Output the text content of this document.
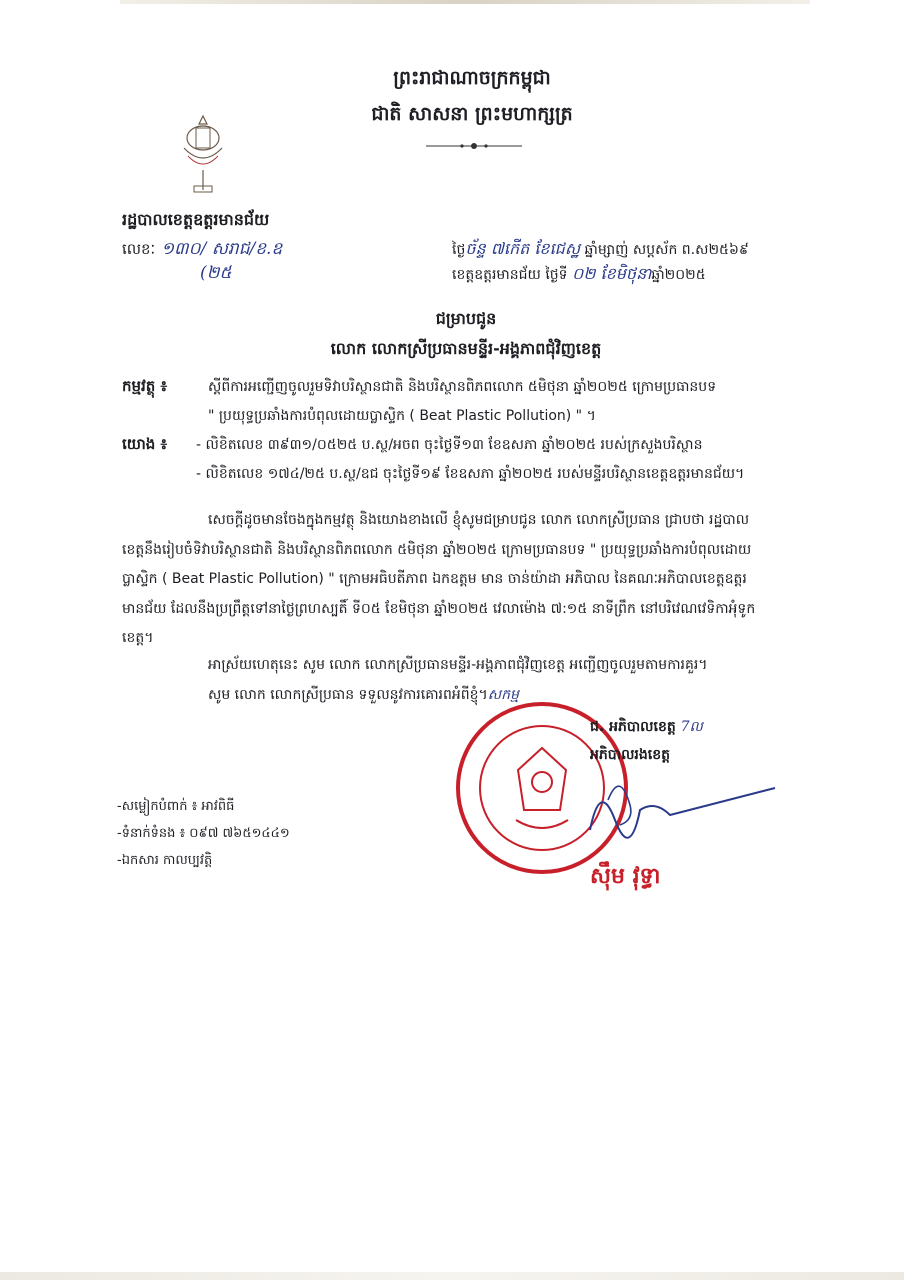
ព្រះរាជាណាចក្រកម្ពុជា
ជាតិ សាសនា ព្រះមហាក្សត្រ
រដ្ឋបាលខេត្តឧត្តរមានជ័យ
លេខៈ ១៣០/ សរាជ/ខ.ឧ
(២៥
ថ្ងៃច័ន្ទ ៧កើត ខែជេស្ឋ ឆ្នាំម្សាញ់ សប្ដស័ក ព.ស២៥៦៩
ខេត្តឧត្តរមានជ័យ ថ្ងៃទី ០២ ខែមិថុនាឆ្នាំ២០២៥
ជម្រាបជូន
លោក លោកស្រីប្រធានមន្ទីរ-អង្គភាពជុំវិញខេត្ត
កម្មវត្ថុ ៖	ស្ដីពីការអញ្ជើញចូលរួមទិវាបរិស្ថានជាតិ និងបរិស្ថានពិភពលោក ៥មិថុនា ឆ្នាំ២០២៥ ក្រោមប្រធានបទ
" ប្រយុទ្ធប្រឆាំងការបំពុលដោយប្លាស្ទិក ( Beat Plastic Pollution) " ។
យោង ៖ - លិខិតលេខ ៣៩៣១/០៥២៥ ប.ស្ថ/អចព ចុះថ្ងៃទី១៣ ខែឧសភា ឆ្នាំ២០២៥ របស់ក្រសួងបរិស្ថាន
- លិខិតលេខ ១៧៤/២៥ ប.ស្ថ/ឧជ ចុះថ្ងៃទី១៩ ខែឧសភា ឆ្នាំ២០២៥ របស់មន្ទីរបរិស្ថានខេត្តឧត្តរមានជ័យ។
សេចក្ដីដូចមានចែងក្នុងកម្មវត្ថុ និងយោងខាងលើ ខ្ញុំសូមជម្រាបជូន លោក លោកស្រីប្រធាន ជ្រាបថា រដ្ឋបាលខេត្តនឹងរៀបចំទិវាបរិស្ថានជាតិ និងបរិស្ថានពិភពលោក ៥មិថុនា ឆ្នាំ២០២៥ ក្រោមប្រធានបទ " ប្រយុទ្ធប្រឆាំងការបំពុលដោយប្លាស្ទិក ( Beat Plastic Pollution) " ក្រោមអធិបតីភាព ឯកឧត្តម មាន ចាន់យ៉ាដា អភិបាល នៃគណៈអភិបាលខេត្តឧត្តរមានជ័យ ដែលនឹងប្រព្រឹត្តទៅនាថ្ងៃព្រហស្បតិ៍ ទី០៥ ខែមិថុនា ឆ្នាំ២០២៥ វេលាម៉ោង ៧:១៥ នាទីព្រឹក នៅបរិវេណវេទិកាអុំទូកខេត្ត។
អាស្រ័យហេតុនេះ សូម លោក លោកស្រីប្រធានមន្ទីរ-អង្គភាពជុំវិញខេត្ត អញ្ជើញចូលរួមតាមការគួរ។
សូម លោក លោកស្រីប្រធាន ទទួលនូវការគោរពអំពីខ្ញុំ។សកម្ម
ជ. អភិបាលខេត្ត 7ល
អភិបាលរងខេត្ត
ស៊ឹម វុទ្ធា
-សម្លៀកបំពាក់ ៖ អាវពិធី
-ទំនាក់ទំនង ៖ ០៩៧ ៧៦៥១៤៤១
-ឯកសារ កាលប្បវត្តិ
